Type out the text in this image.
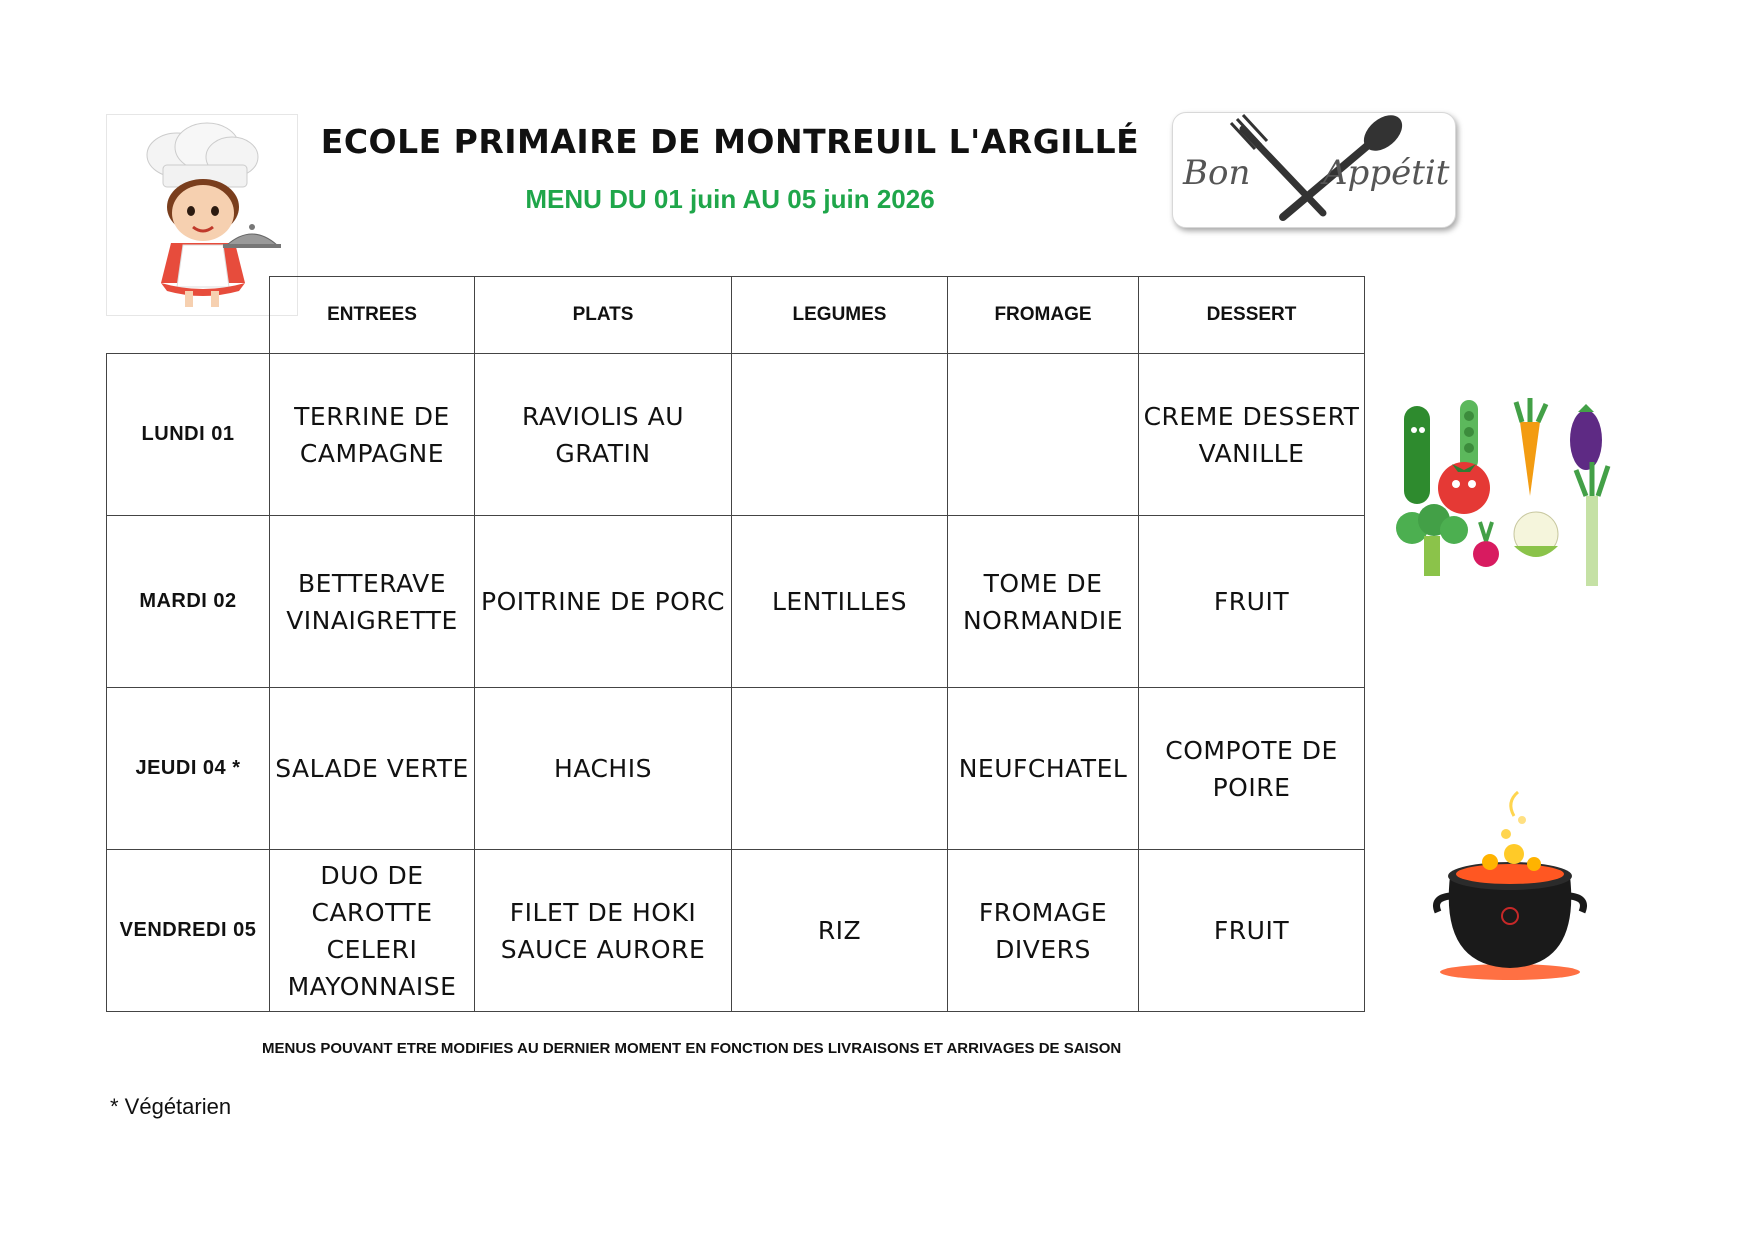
ECOLE PRIMAIRE DE MONTREUIL L'ARGILLÉ
MENU DU 01 juin AU 05 juin 2026
Bon Appétit
	ENTREES	PLATS	LEGUMES	FROMAGE	DESSERT
LUNDI 01	TERRINE DE CAMPAGNE	RAVIOLIS AU GRATIN			CREME DESSERT VANILLE
MARDI 02	BETTERAVE VINAIGRETTE	POITRINE DE PORC	LENTILLES	TOME DE NORMANDIE	FRUIT
JEUDI 04 *	SALADE VERTE	HACHIS		NEUFCHATEL	COMPOTE DE POIRE
VENDREDI 05	DUO DE CAROTTE CELERI MAYONNAISE	FILET DE HOKI SAUCE AURORE	RIZ	FROMAGE DIVERS	FRUIT
MENUS POUVANT ETRE MODIFIES AU DERNIER MOMENT EN FONCTION DES LIVRAISONS ET ARRIVAGES DE SAISON
* Végétarien
